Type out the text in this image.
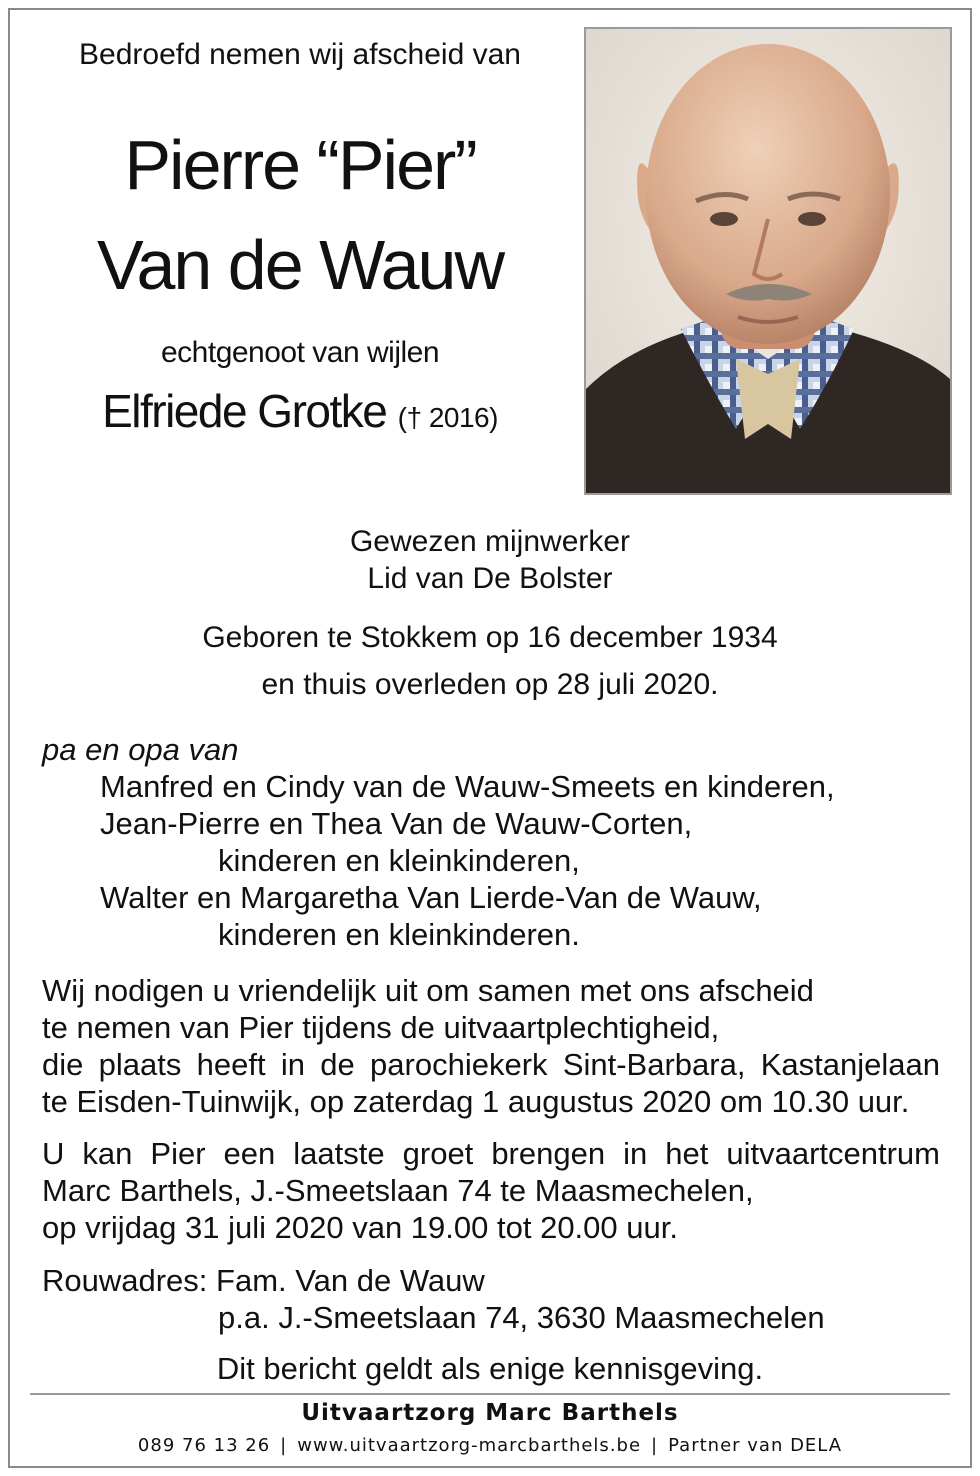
Bedroefd nemen wij afscheid van

Pierre “Pier”

Van de Wauw

echtgenoot van wijlen

Elfriede Grotke († 2016)

Gewezen mijnwerker

Lid van De Bolster

Geboren te Stokkem op 16 december 1934

en thuis overleden op 28 juli 2020.

pa en opa van
Manfred en Cindy van de Wauw-Smeets en kinderen,
Jean-Pierre en Thea Van de Wauw-Corten,
kinderen en kleinkinderen,
Walter en Margaretha Van Lierde-Van de Wauw,
kinderen en kleinkinderen.
Wij nodigen u vriendelijk uit om samen met ons afscheid
te nemen van Pier tijdens de uitvaartplechtigheid,
die plaats heeft in de parochiekerk Sint-Barbara, Kastanjelaan
te Eisden-Tuinwijk, op zaterdag 1 augustus 2020 om 10.30 uur.
U kan Pier een laatste groet brengen in het uitvaartcentrum
Marc Barthels, J.-Smeetslaan 74 te Maasmechelen,
op vrijdag 31 juli 2020 van 19.00 tot 20.00 uur.
Rouwadres: Fam. Van de Wauw
p.a. J.-Smeetslaan 74, 3630 Maasmechelen

Dit bericht geldt als enige kennisgeving.

Uitvaartzorg Marc Barthels

089 76 13 26 | www.uitvaartzorg-marcbarthels.be | Partner van DELA
